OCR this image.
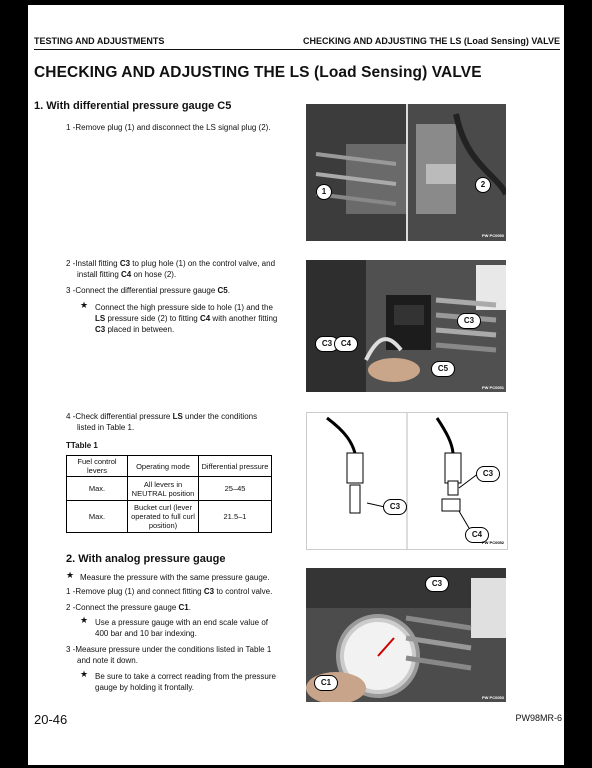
TESTING AND ADJUSTMENTS	CHECKING AND ADJUSTING THE LS (Load Sensing) VALVE
CHECKING AND ADJUSTING THE LS (Load Sensing) VALVE
1. With differential pressure gauge C5
1 -Remove plug (1) and disconnect the LS signal plug (2).
2 -Install fitting C3 to plug hole (1) on the control valve, and
install fitting C4 on hose (2).
3 -Connect the differential pressure gauge C5.
★ Connect the high pressure side to hole (1) and the
LS pressure side (2) to fitting C4 with another fitting
C3 placed in between.
4 -Check differential pressure LS under the conditions
listed in Table 1.
TTable 1
Fuel control levers	Operating mode	Differential pressure
Max.	All levers in NEUTRAL position	25–45
Max.	Bucket curl (lever operated to full curl position)	21.5–1
2. With analog pressure gauge
★ Measure the pressure with the same pressure gauge.
1 -Remove plug (1) and connect fitting C3 to control valve.
2 -Connect the pressure gauge C1.
★ Use a pressure gauge with an end scale value of
400 bar and 10 bar indexing.
3 -Measure pressure under the conditions listed in Table 1
and note it down.
★ Be sure to take a correct reading from the pressure
gauge by holding it frontally.
1
2
PW PC0050
C3
C3	C4
C5
PW PC0051
C3
C3
C4
PW PC0052
C3
C1
PW PC0053
20-46	PW98MR-6
